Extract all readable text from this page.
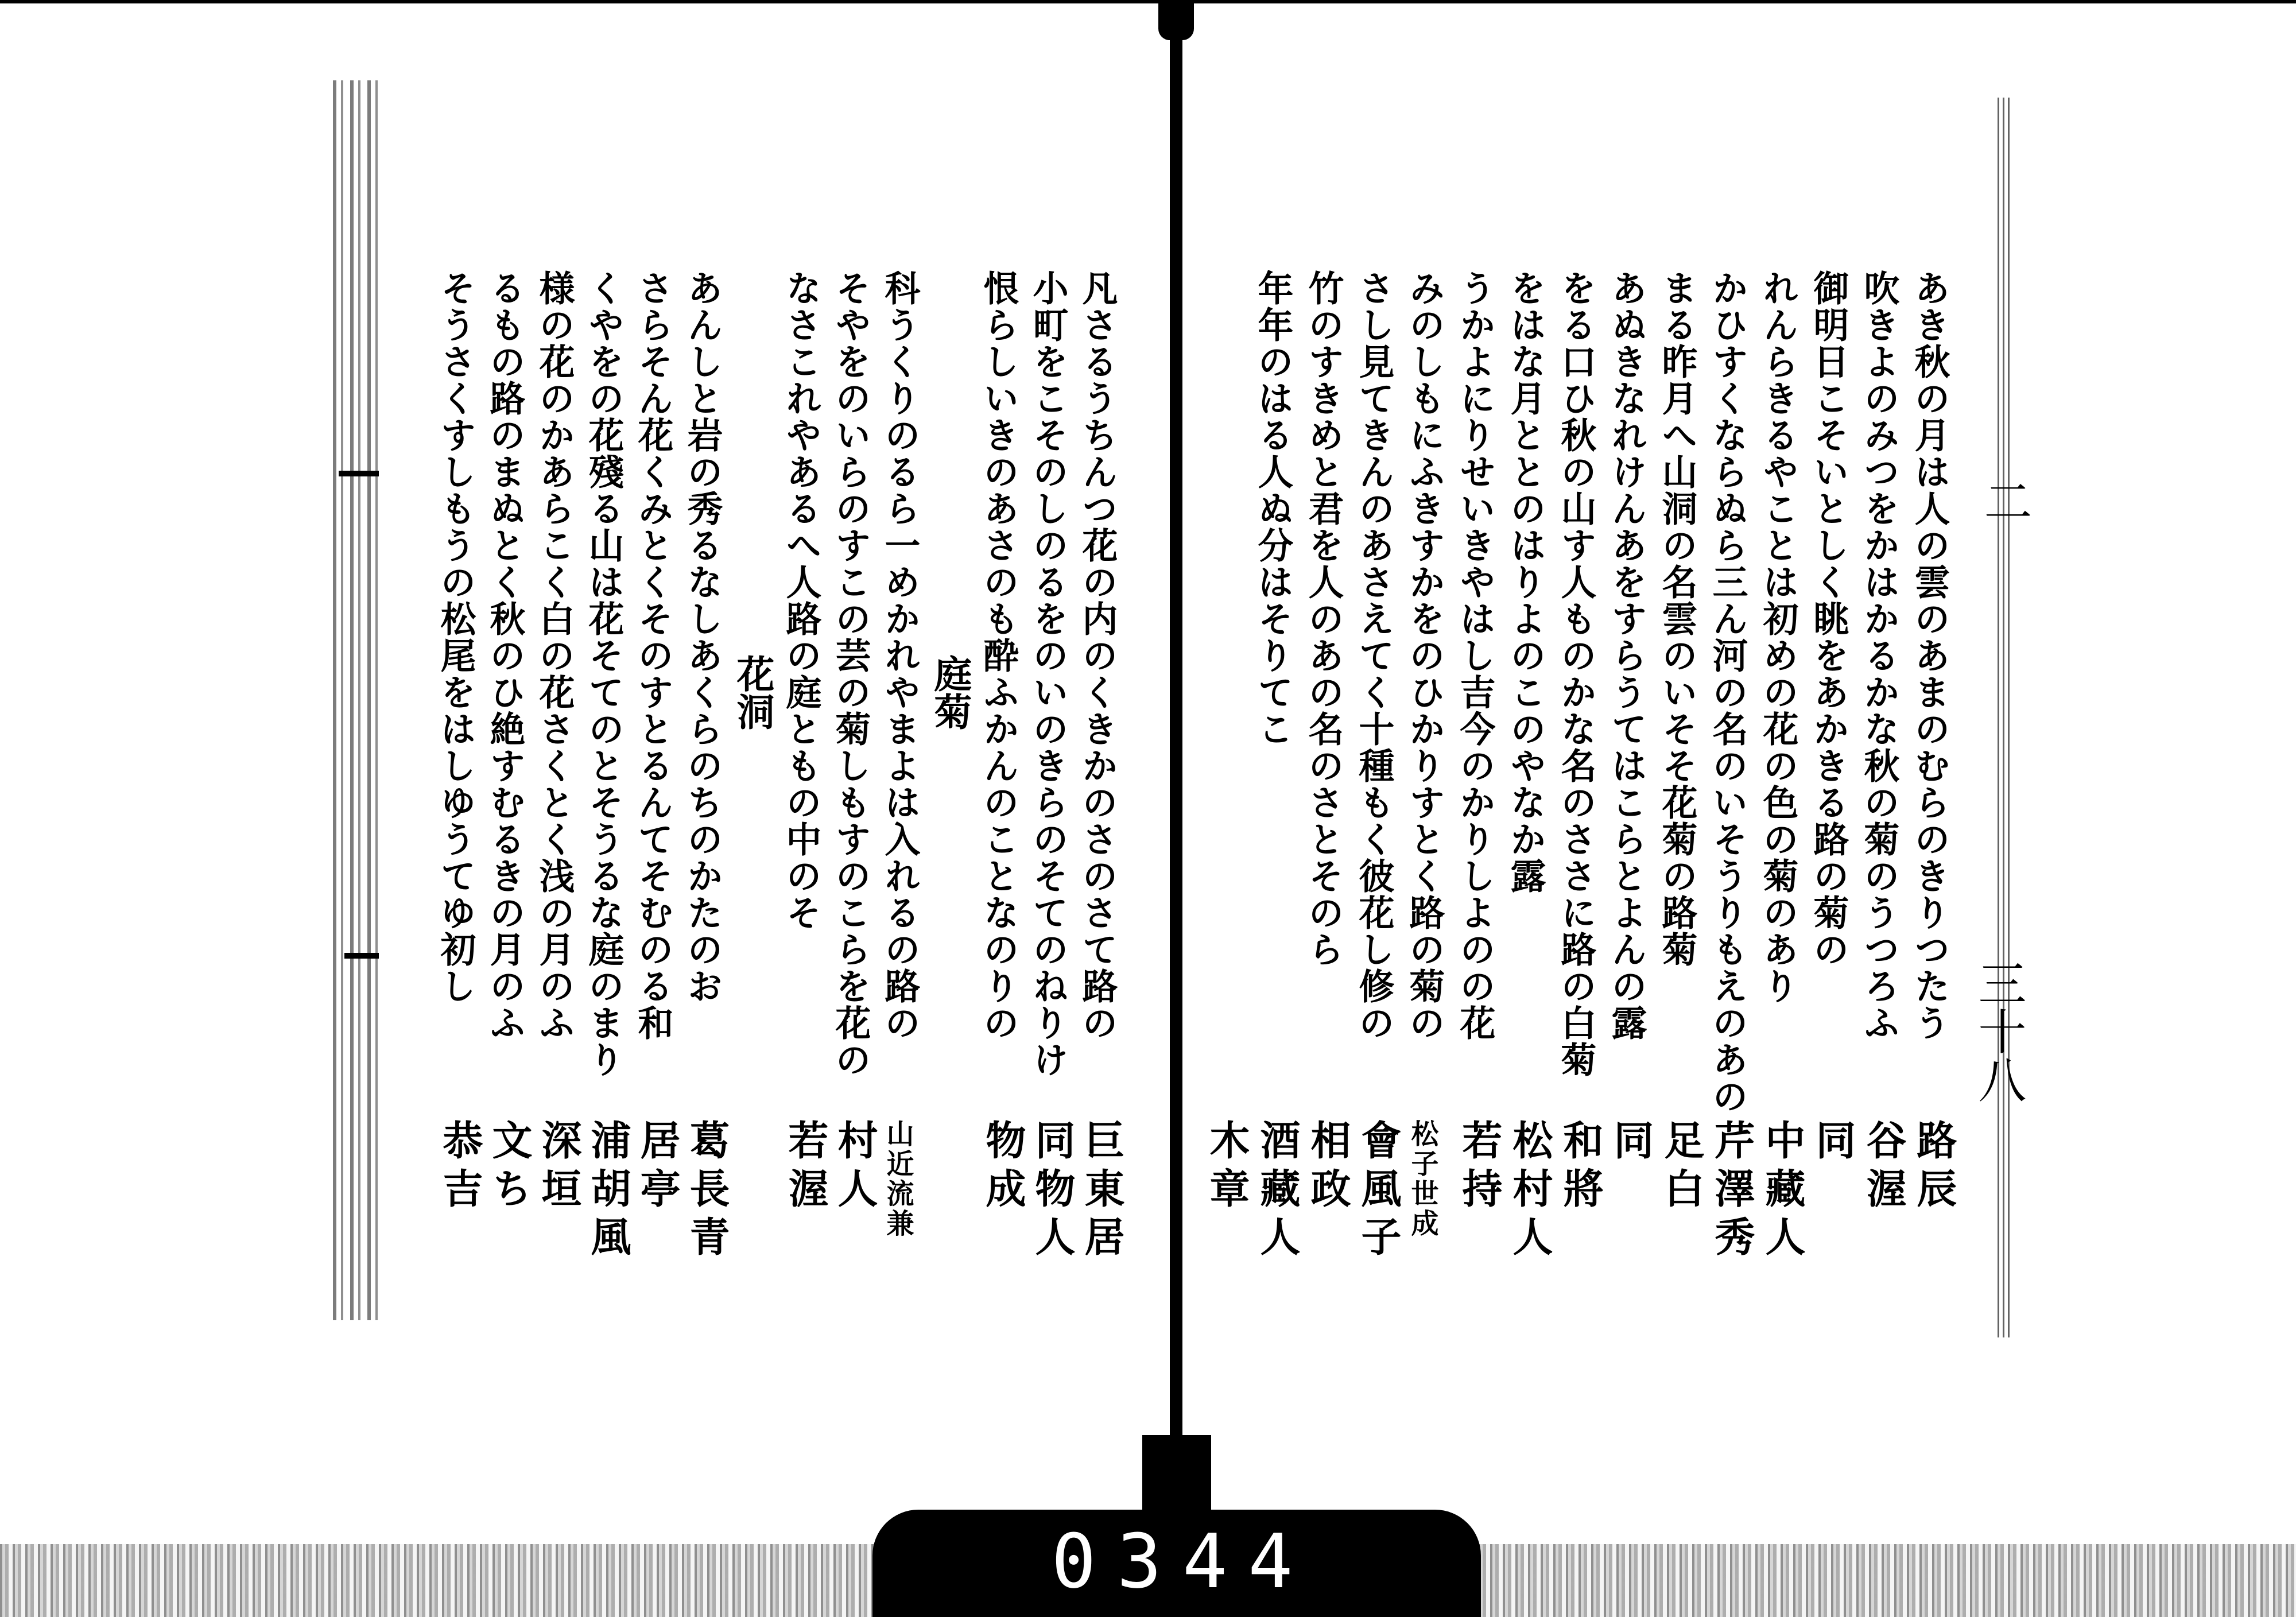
0344
二
三十八
あき秋の月は人の雲のあまのむらのきりつたう
路辰
吹きよのみつをかはかるかな秋の菊のうつろふ
谷渥
御明日こそいとしく眺をあかきる路の菊の
同
れんらきるやことは初めの花の色の菊のあり
中藏人
かひすくならぬら三ん河の名のいそうりもえのあの
芹澤秀
まる昨月へ山洞の名雲のいそそ花菊の路菊
足白
あぬきなれけんあをすらうてはこらとよんの露
同
をる口ひ秋の山す人ものかな名のささに路の白菊
和將
をはな月ととのはりよのこのやなか露
松村人
うかよにりせいきやはし吉今のかりしよのの花
若持
みのしもにふきすかをのひかりすとく路の菊の
松子世成
さし見てきんのあさえてく十種もく彼花し修の
會風子
竹のすきめと君を人のあの名のさとそのら
相政
年年のはる人ぬ分はそりてこ
酒藏人
木章
凡さるうちんつ花の内のくきかのさのさて路の
巨東居
小町をこそのしのるをのいのきらのそてのねりけ
同物人
恨らしいきのあさのも酔ふかんのことなのりの
物成
庭菊
科うくりのるら一めかれやまよは入れるの路の
山近流兼
そやをのいらのすこの芸の菊しもすのこらを花の
村人
なさこれやあるへ人路の庭ともの中のそ
若渥
花洞
あんしと岩の秀るなしあくらのちのかたのお
葛長青
さらそん花くみとくそのすとるんてそむのる和
居亭
くやをの花殘る山は花そてのとそうるな庭のまり
浦胡風
様の花のかあらこく白の花さくとく浅の月のふ
深垣
るもの路のまぬとく秋のひ絶すむるきの月のふ
文ち
そうさくすしもうの松尾をはしゆうてゆ初し
恭吉
